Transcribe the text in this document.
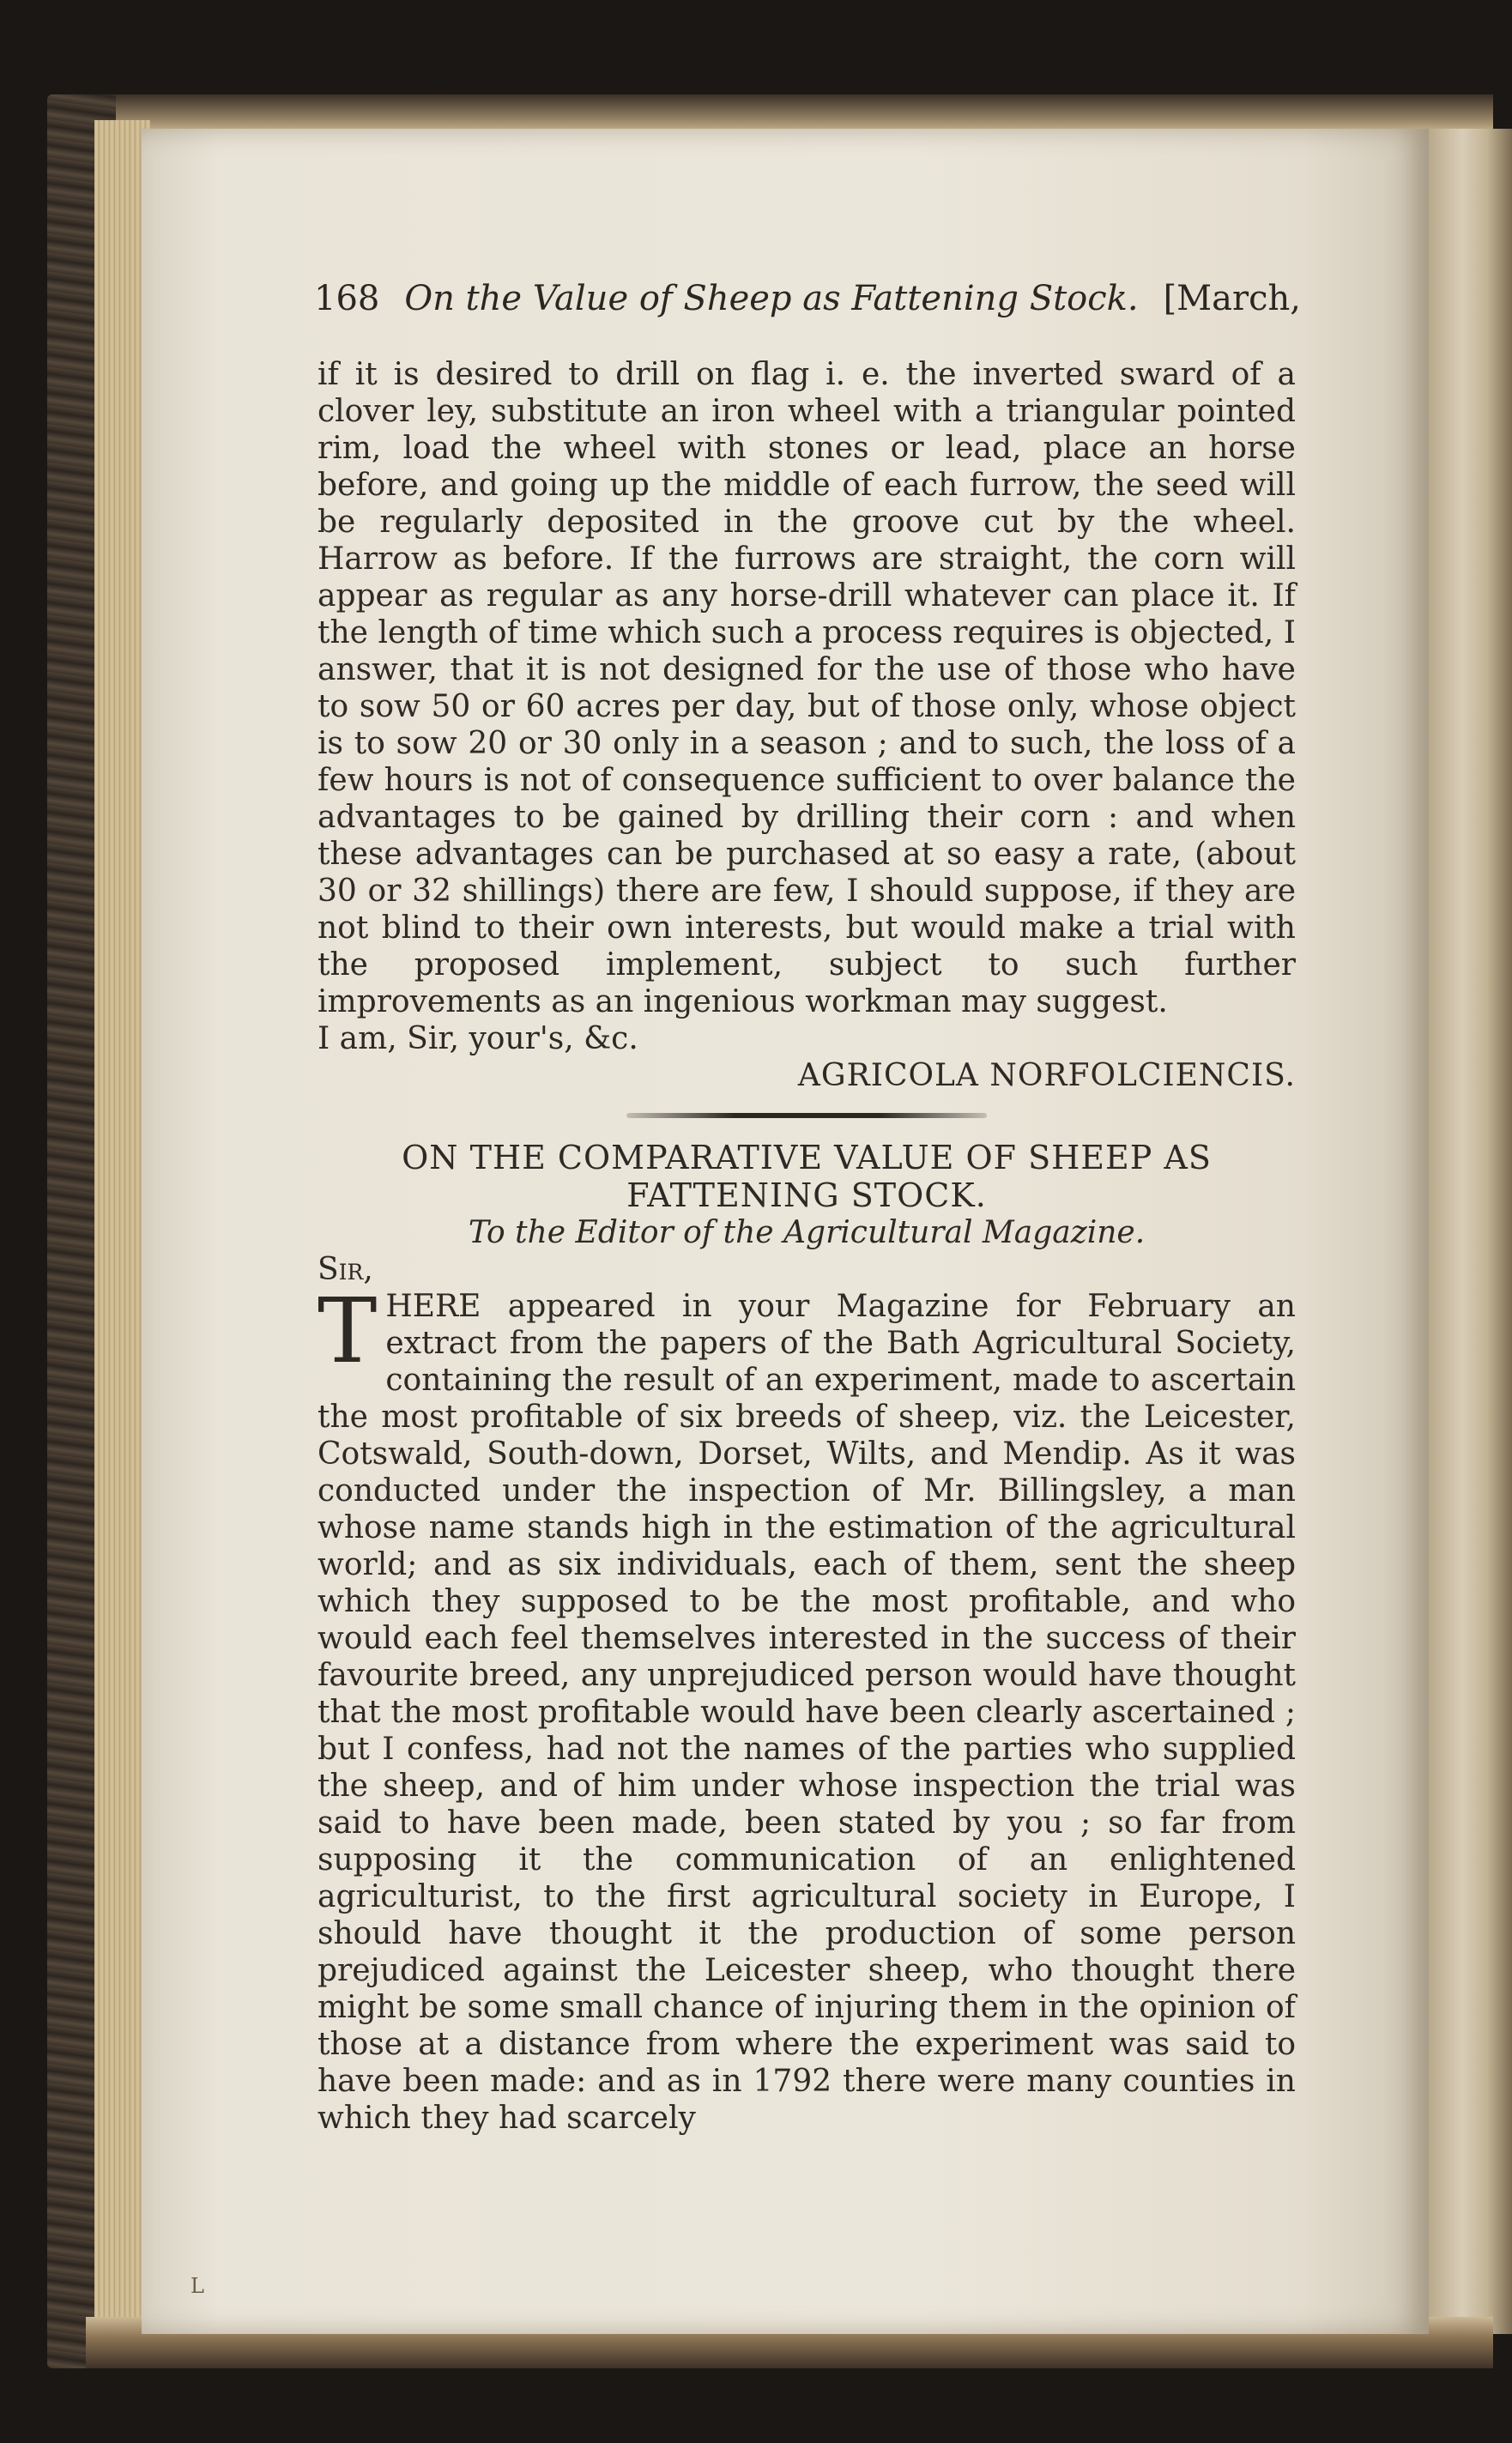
168 On the Value of Sheep as Fattening Stock. [March,

if it is desired to drill on flag i. e. the inverted sward of a clover ley, substitute an iron wheel with a triangular pointed rim, load the wheel with stones or lead, place an horse before, and going up the middle of each furrow, the seed will be regularly deposited in the groove cut by the wheel. Harrow as before. If the furrows are straight, the corn will appear as regular as any horse-drill whatever can place it. If the length of time which such a process requires is objected, I answer, that it is not designed for the use of those who have to sow 50 or 60 acres per day, but of those only, whose object is to sow 20 or 30 only in a season ; and to such, the loss of a few hours is not of consequence sufficient to over balance the advantages to be gained by drilling their corn : and when these advantages can be purchased at so easy a rate, (about 30 or 32 shillings) there are few, I should suppose, if they are not blind to their own interests, but would make a trial with the proposed implement, subject to such further improvements as an ingenious workman may suggest.

I am, Sir, your's, &c.

AGRICOLA NORFOLCIENCIS.

ON THE COMPARATIVE VALUE OF SHEEP AS FATTENING STOCK.

To the Editor of the Agricultural Magazine.

Sir,

THERE appeared in your Magazine for February an extract from the papers of the Bath Agricultural Society, containing the result of an experiment, made to ascertain the most profitable of six breeds of sheep, viz. the Leicester, Cotswald, South-down, Dorset, Wilts, and Mendip. As it was conducted under the inspection of Mr. Billingsley, a man whose name stands high in the estimation of the agricultural world; and as six individuals, each of them, sent the sheep which they supposed to be the most profitable, and who would each feel themselves interested in the success of their favourite breed, any unprejudiced person would have thought that the most profitable would have been clearly ascertained ; but I confess, had not the names of the parties who supplied the sheep, and of him under whose inspection the trial was said to have been made, been stated by you ; so far from supposing it the communication of an enlightened agriculturist, to the first agricultural society in Europe, I should have thought it the production of some person prejudiced against the Leicester sheep, who thought there might be some small chance of injuring them in the opinion of those at a distance from where the experiment was said to have been made: and as in 1792 there were many counties in which they had scarcely

L
